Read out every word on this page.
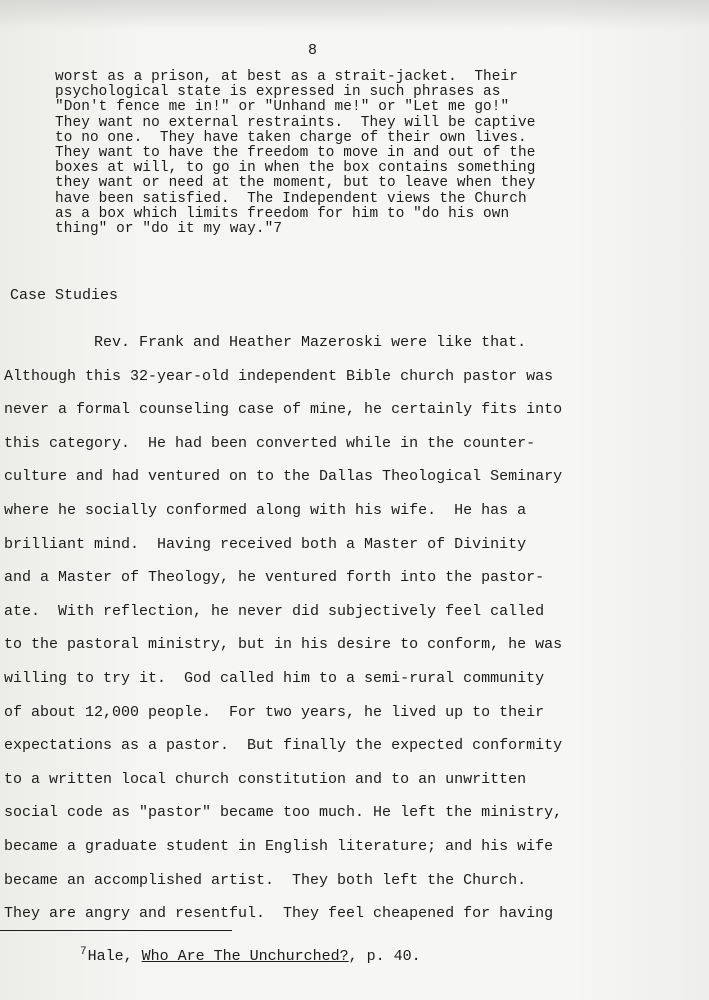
8
worst as a prison, at best as a strait-jacket.  Their
psychological state is expressed in such phrases as
"Don't fence me in!" or "Unhand me!" or "Let me go!"
They want no external restraints.  They will be captive
to no one.  They have taken charge of their own lives.
They want to have the freedom to move in and out of the
boxes at will, to go in when the box contains something
they want or need at the moment, but to leave when they
have been satisfied.  The Independent views the Church
as a box which limits freedom for him to "do his own
thing" or "do it my way."7
Case Studies
Rev. Frank and Heather Mazeroski were like that.
Although this 32-year-old independent Bible church pastor was
never a formal counseling case of mine, he certainly fits into
this category.  He had been converted while in the counter-
culture and had ventured on to the Dallas Theological Seminary
where he socially conformed along with his wife.  He has a
brilliant mind.  Having received both a Master of Divinity
and a Master of Theology, he ventured forth into the pastor-
ate.  With reflection, he never did subjectively feel called
to the pastoral ministry, but in his desire to conform, he was
willing to try it.  God called him to a semi-rural community
of about 12,000 people.  For two years, he lived up to their
expectations as a pastor.  But finally the expected conformity
to a written local church constitution and to an unwritten
social code as "pastor" became too much. He left the ministry,
became a graduate student in English literature; and his wife
became an accomplished artist.  They both left the Church.
They are angry and resentful.  They feel cheapened for having
$^7$Hale, Who Are The Unchurched?, p. 40.
